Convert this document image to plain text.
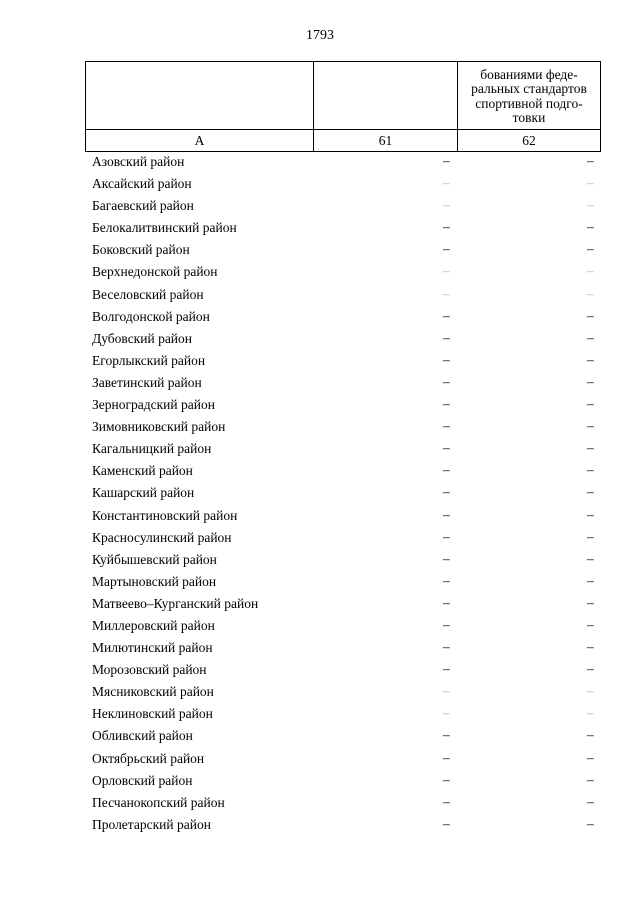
1793

		бованиями феде-
ральных стандартов
спортивной подго-
товки

А	61	62
Азовский район	–	–
Аксайский район	–	–
Багаевский район	–	–
Белокалитвинский район	–	–
Боковский район	–	–
Верхнедонской район	–	–
Веселовский район	–	–
Волгодонской район	–	–
Дубовский район	–	–
Егорлыкский район	–	–
Заветинский район	–	–
Зерноградский район	–	–
Зимовниковский район	–	–
Кагальницкий район	–	–
Каменский район	–	–
Кашарский район	–	–
Константиновский район	–	–
Красносулинский район	–	–
Куйбышевский район	–	–
Мартыновский район	–	–
Матвеево–Курганский район	–	–
Миллеровский район	–	–
Милютинский район	–	–
Морозовский район	–	–
Мясниковский район	–	–
Неклиновский район	–	–
Обливский район	–	–
Октябрьский район	–	–
Орловский район	–	–
Песчанокопский район	–	–
Пролетарский район	–	–
